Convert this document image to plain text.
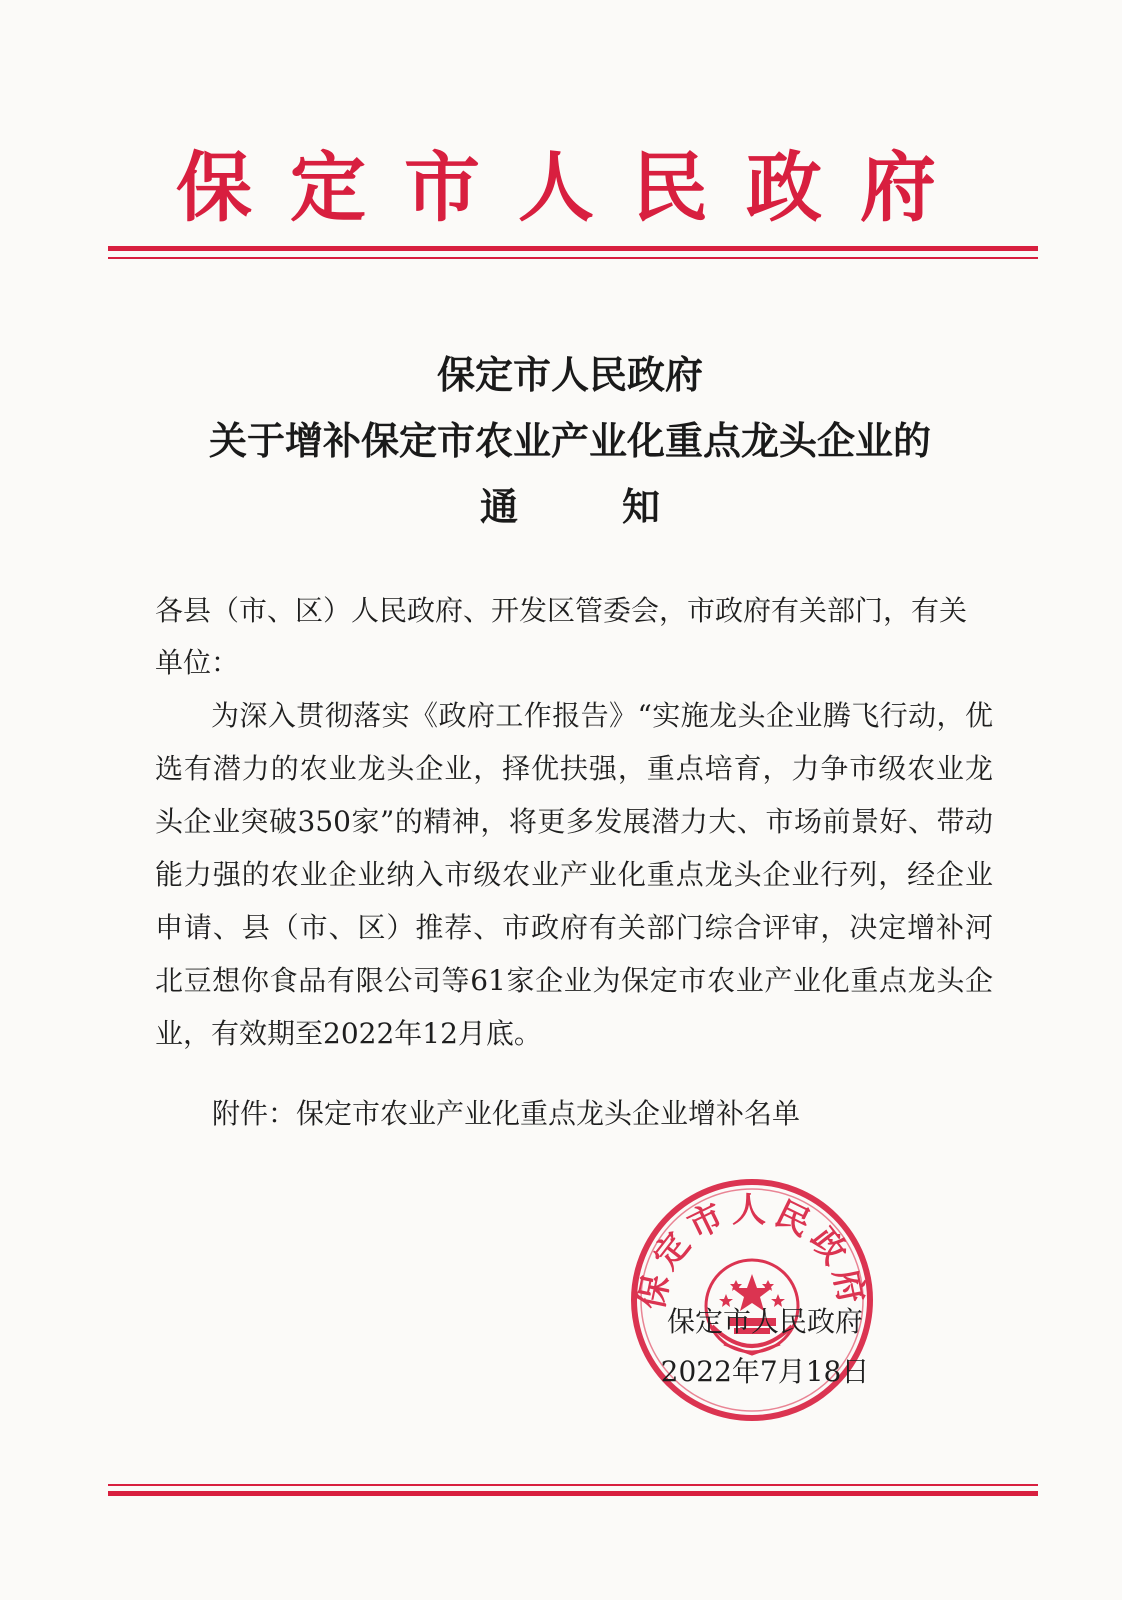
保定市人民政府
保定市人民政府
关于增补保定市农业产业化重点龙头企业的
通知
各县（市、区）人民政府、开发区管委会，市政府有关部门，有关单位：
为深入贯彻落实《政府工作报告》“实施龙头企业腾飞行动，优选有潜力的农业龙头企业，择优扶强，重点培育，力争市级农业龙头企业突破350家”的精神，将更多发展潜力大、市场前景好、带动能力强的农业企业纳入市级农业产业化重点龙头企业行列，经企业申请、县（市、区）推荐、市政府有关部门综合评审，决定增补河北豆想你食品有限公司等61家企业为保定市农业产业化重点龙头企业，有效期至2022年12月底。
附件：保定市农业产业化重点龙头企业增补名单
保定市人民政府
保定市人民政府
2022年7月18日
